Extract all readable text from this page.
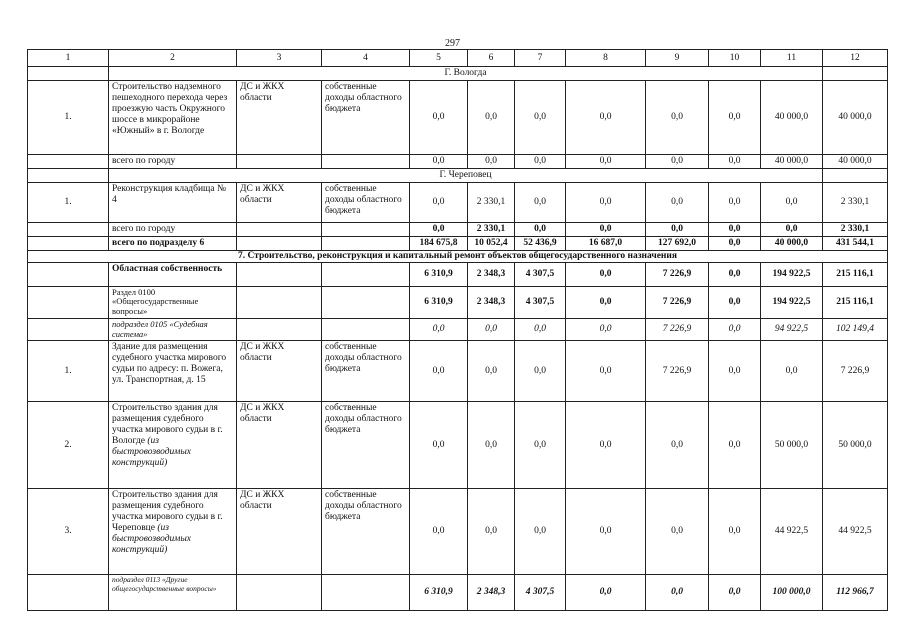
297
1	2	3	4	5	6	7	8	9	10	11	12
	Г. Вологда										
1.	Строительство надземного пешеходного перехода через проезжую часть Окружного шоссе в микрорайоне «Южный» в г. Вологде	ДС и ЖКХ области	собственные доходы областного бюджета	0,0	0,0	0,0	0,0	0,0	0,0	40 000,0	40 000,0
	всего по городу			0,0	0,0	0,0	0,0	0,0	0,0	40 000,0	40 000,0
	Г. Череповец										
1.	Реконструкция кладбища № 4	ДС и ЖКХ области	собственные доходы областного бюджета	0,0	2 330,1	0,0	0,0	0,0	0,0	0,0	2 330,1
	всего по городу			0,0	2 330,1	0,0	0,0	0,0	0,0	0,0	2 330,1
	всего по подразделу 6			184 675,8	10 052,4	52 436,9	16 687,0	127 692,0	0,0	40 000,0	431 544,1
7. Строительство, реконструкция и капитальный ремонт объектов общегосударственного назначения											
	Областная собственность			6 310,9	2 348,3	4 307,5	0,0	7 226,9	0,0	194 922,5	215 116,1
	Раздел 0100 «Общегосударственные вопросы»			6 310,9	2 348,3	4 307,5	0,0	7 226,9	0,0	194 922,5	215 116,1
	подраздел 0105 «Судебная система»			0,0	0,0	0,0	0,0	7 226,9	0,0	94 922,5	102 149,4
1.	Здание для размещения судебного участка мирового судьи по адресу: п. Вожега, ул. Транспортная, д. 15	ДС и ЖКХ области	собственные доходы областного бюджета	0,0	0,0	0,0	0,0	7 226,9	0,0	0,0	7 226,9
2.	Строительство здания для размещения судебного участка мирового судьи в г. Вологде (из быстровозводимых конструкций)	ДС и ЖКХ области	собственные доходы областного бюджета	0,0	0,0	0,0	0,0	0,0	0,0	50 000,0	50 000,0
3.	Строительство здания для размещения судебного участка мирового судьи в г. Череповце (из быстровозводимых конструкций)	ДС и ЖКХ области	собственные доходы областного бюджета	0,0	0,0	0,0	0,0	0,0	0,0	44 922,5	44 922,5
	подраздел 0113 «Другие общегосударственные вопросы»			6 310,9	2 348,3	4 307,5	0,0	0,0	0,0	100 000,0	112 966,7
